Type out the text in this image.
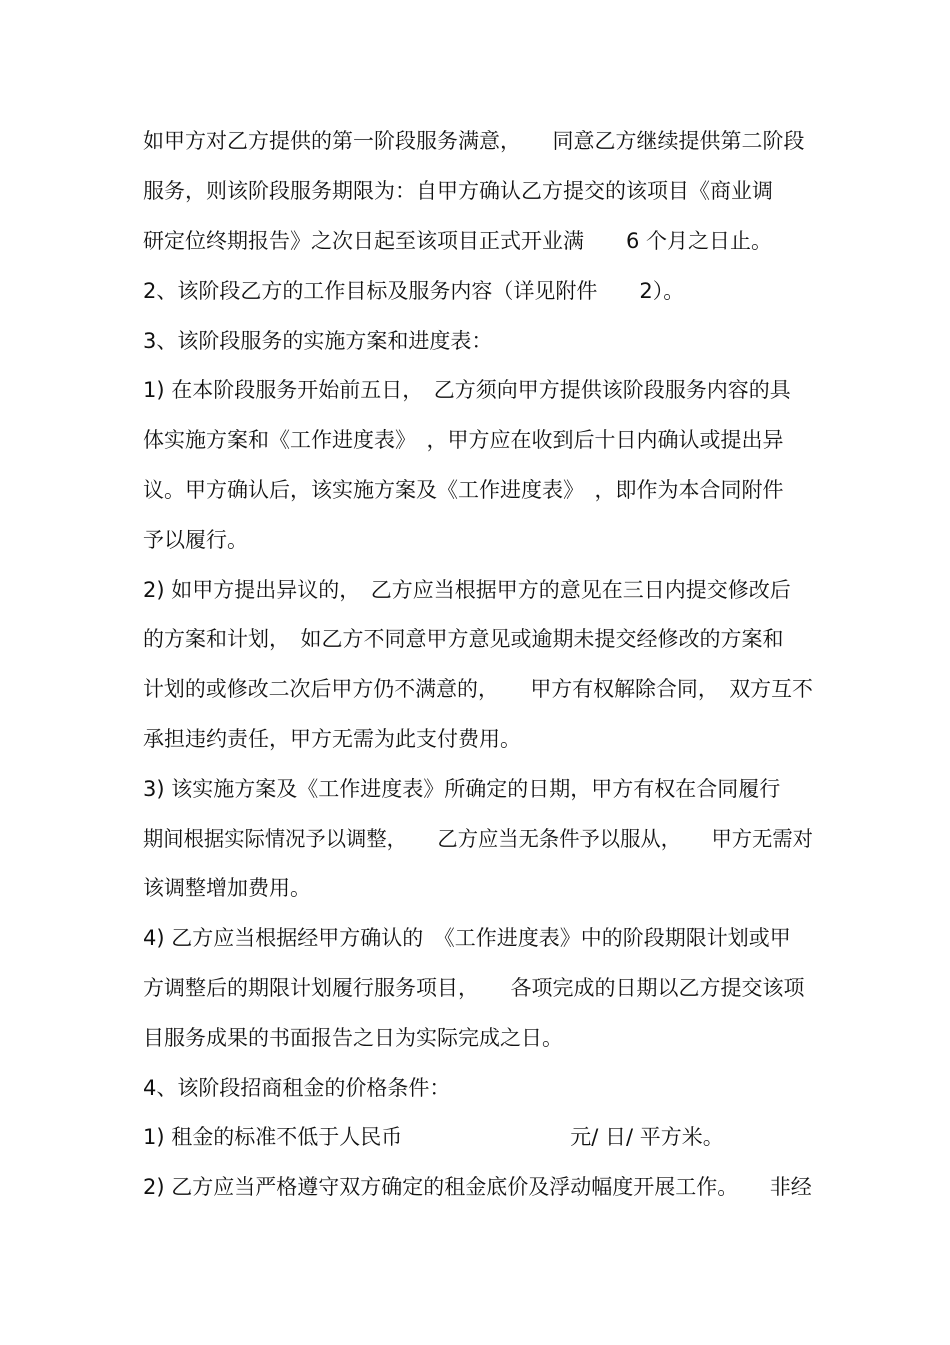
如甲方对乙方提供的第一阶段服务满意，　　同意乙方继续提供第二阶段
服务，则该阶段服务期限为：自甲方确认乙方提交的该项目《商业调
研定位终期报告》之次日起至该项目正式开业满　　6 个月之日止。
2、该阶段乙方的工作目标及服务内容（详见附件　　2）。
3、该阶段服务的实施方案和进度表：
1) 在本阶段服务开始前五日，　乙方须向甲方提供该阶段服务内容的具
体实施方案和《工作进度表》　，甲方应在收到后十日内确认或提出异
议。甲方确认后，该实施方案及《工作进度表》　，即作为本合同附件
予以履行。
2) 如甲方提出异议的，　乙方应当根据甲方的意见在三日内提交修改后
的方案和计划，　如乙方不同意甲方意见或逾期未提交经修改的方案和
计划的或修改二次后甲方仍不满意的，　　甲方有权解除合同，　双方互不
承担违约责任，甲方无需为此支付费用。
3) 该实施方案及《工作进度表》所确定的日期，甲方有权在合同履行
期间根据实际情况予以调整，　　乙方应当无条件予以服从，　　甲方无需对
该调整增加费用。
4) 乙方应当根据经甲方确认的　《工作进度表》中的阶段期限计划或甲
方调整后的期限计划履行服务项目，　　各项完成的日期以乙方提交该项
目服务成果的书面报告之日为实际完成之日。
4、该阶段招商租金的价格条件：
1) 租金的标准不低于人民币　　　　　　　　元/ 日/ 平方米。
2) 乙方应当严格遵守双方确定的租金底价及浮动幅度开展工作。　　非经
